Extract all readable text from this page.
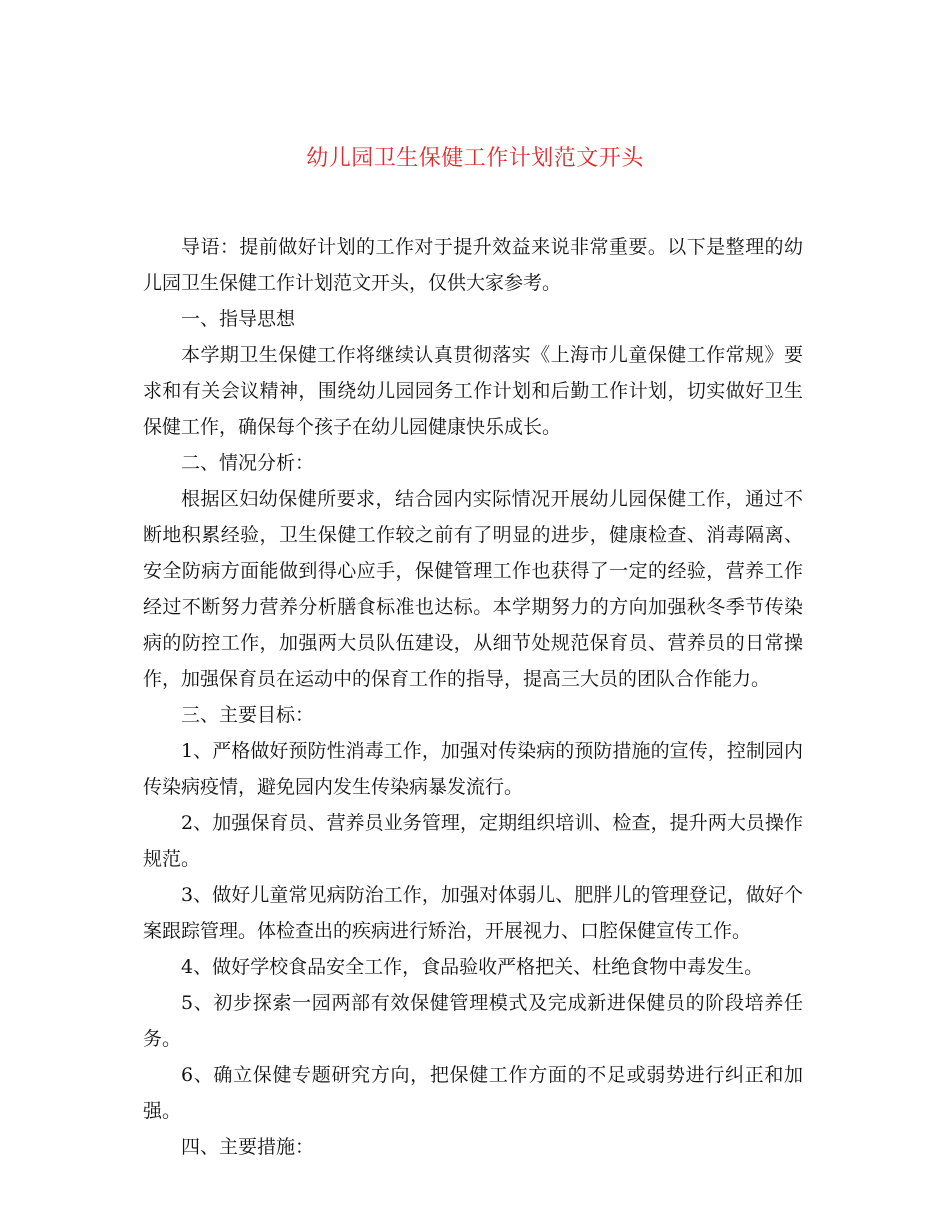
幼儿园卫生保健工作计划范文开头

导语：提前做好计划的工作对于提升效益来说非常重要。以下是整理的幼儿园卫生保健工作计划范文开头，仅供大家参考。

一、指导思想

本学期卫生保健工作将继续认真贯彻落实《上海市儿童保健工作常规》要求和有关会议精神，围绕幼儿园园务工作计划和后勤工作计划，切实做好卫生保健工作，确保每个孩子在幼儿园健康快乐成长。

二、情况分析：

根据区妇幼保健所要求，结合园内实际情况开展幼儿园保健工作，通过不断地积累经验，卫生保健工作较之前有了明显的进步，健康检查、消毒隔离、安全防病方面能做到得心应手，保健管理工作也获得了一定的经验，营养工作经过不断努力营养分析膳食标准也达标。本学期努力的方向加强秋冬季节传染病的防控工作，加强两大员队伍建设，从细节处规范保育员、营养员的日常操作，加强保育员在运动中的保育工作的指导，提高三大员的团队合作能力。

三、主要目标：

1、严格做好预防性消毒工作，加强对传染病的预防措施的宣传，控制园内传染病疫情，避免园内发生传染病暴发流行。

2、加强保育员、营养员业务管理，定期组织培训、检查，提升两大员操作规范。

3、做好儿童常见病防治工作，加强对体弱儿、肥胖儿的管理登记，做好个案跟踪管理。体检查出的疾病进行矫治，开展视力、口腔保健宣传工作。

4、做好学校食品安全工作，食品验收严格把关、杜绝食物中毒发生。

5、初步探索一园两部有效保健管理模式及完成新进保健员的阶段培养任务。

6、确立保健专题研究方向，把保健工作方面的不足或弱势进行纠正和加强。

四、主要措施：
